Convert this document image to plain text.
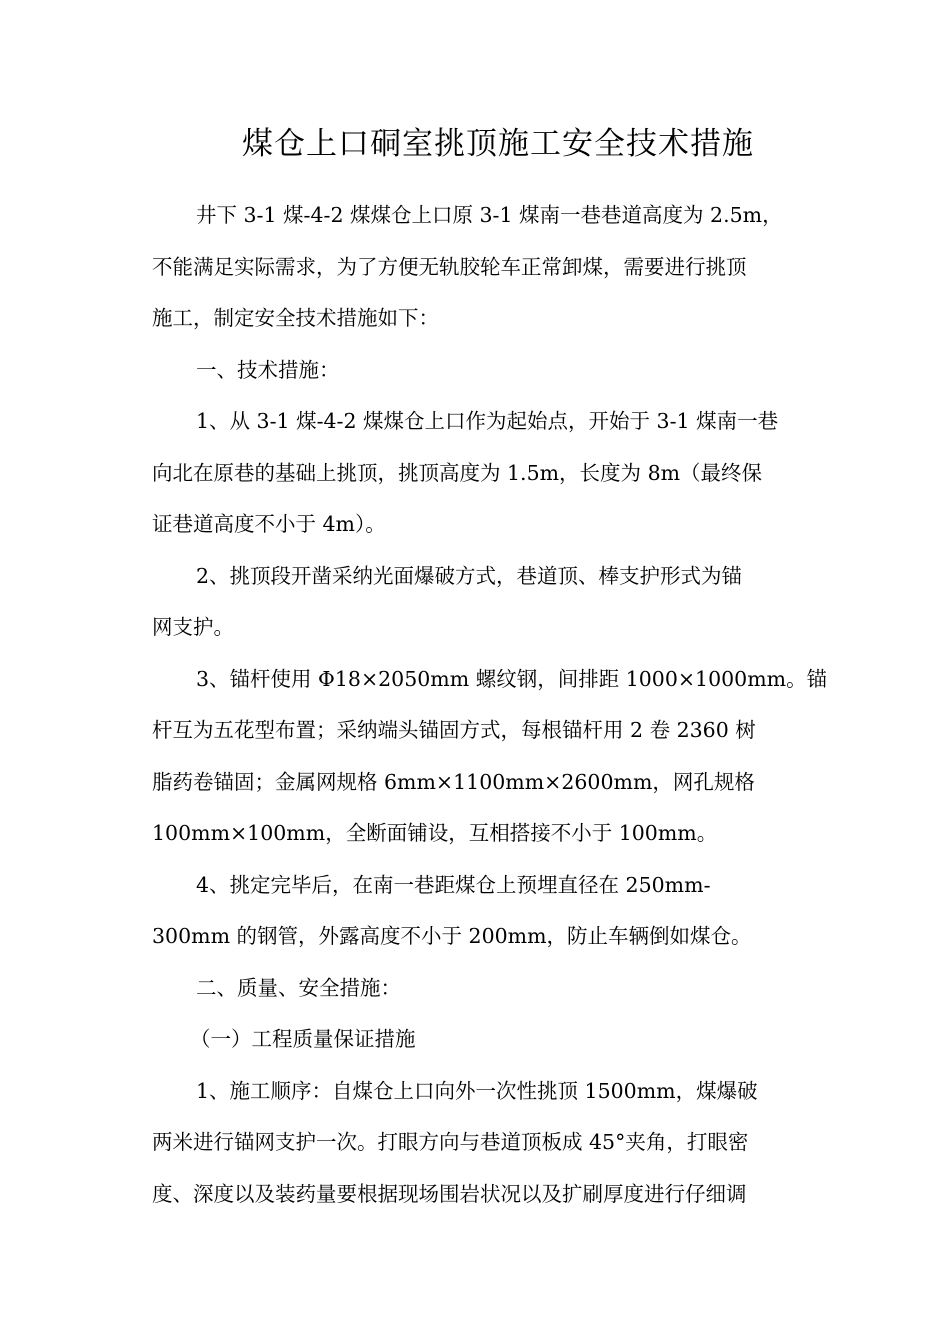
煤仓上口硐室挑顶施工安全技术措施
井下 3-1 煤-4-2 煤煤仓上口原 3-1 煤南一巷巷道高度为 2.5m，
不能满足实际需求，为了方便无轨胶轮车正常卸煤，需要进行挑顶
施工，制定安全技术措施如下：
一、技术措施：
1、从 3-1 煤-4-2 煤煤仓上口作为起始点，开始于 3-1 煤南一巷
向北在原巷的基础上挑顶，挑顶高度为 1.5m，长度为 8m（最终保
证巷道高度不小于 4m）。
2、挑顶段开凿采纳光面爆破方式，巷道顶、棒支护形式为锚
网支护。
3、锚杆使用 Φ18×2050mm 螺纹钢，间排距 1000×1000mm。锚
杆互为五花型布置；采纳端头锚固方式，每根锚杆用 2 卷 2360 树
脂药卷锚固；金属网规格 6mm×1100mm×2600mm，网孔规格
100mm×100mm，全断面铺设，互相搭接不小于 100mm。
4、挑定完毕后，在南一巷距煤仓上预埋直径在 250mm-
300mm 的钢管，外露高度不小于 200mm，防止车辆倒如煤仓。
二、质量、安全措施：
（一）工程质量保证措施
1、施工顺序：自煤仓上口向外一次性挑顶 1500mm，煤爆破
两米进行锚网支护一次。打眼方向与巷道顶板成 45°夹角，打眼密
度、深度以及装药量要根据现场围岩状况以及扩刷厚度进行仔细调
